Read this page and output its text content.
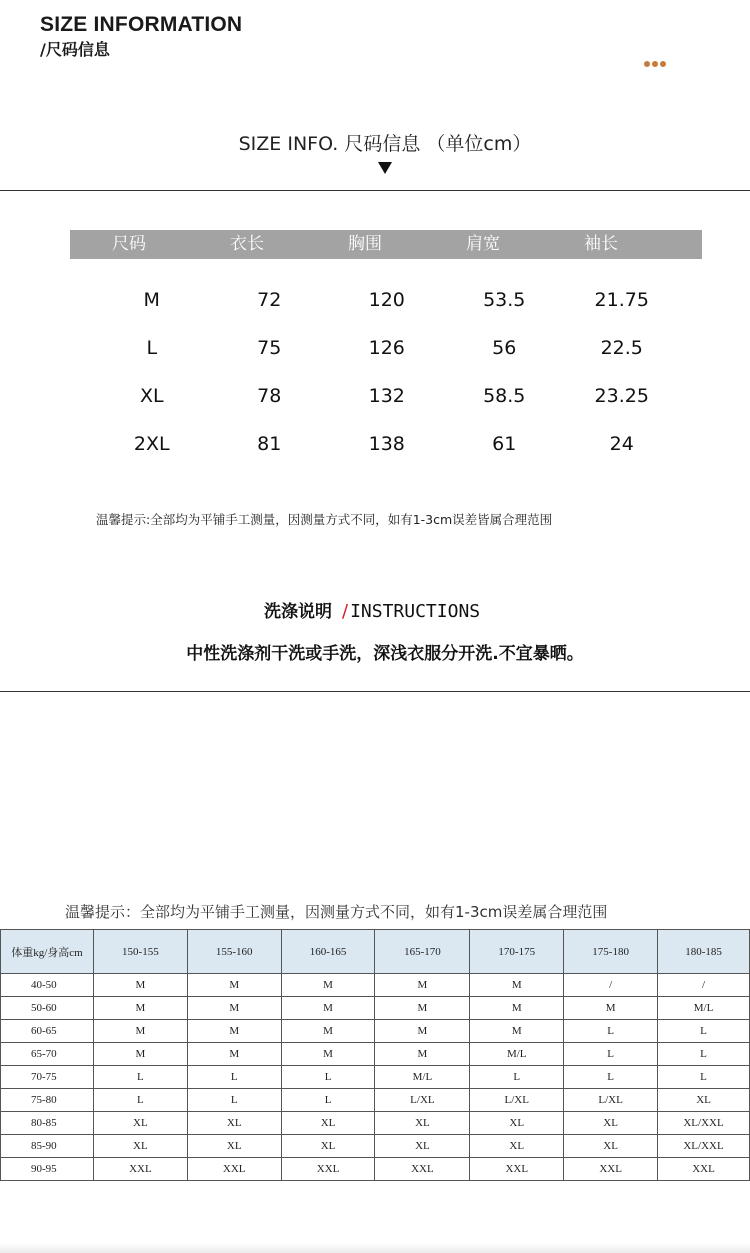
SIZE INFORMATION
/尺码信息
SIZE INFO. 尺码信息 （单位cm）
尺码	衣长	胸围	肩宽	袖长
M	72	120	53.5	21.75
L	75	126	56	22.5
XL	78	132	58.5	23.25
2XL	81	138	61	24
温馨提示:全部均为平铺手工测量，因测量方式不同，如有1-3cm误差皆属合理范围
洗涤说明 / INSTRUCTIONS
中性洗涤剂干洗或手洗，深浅衣服分开洗.不宜暴晒。
温馨提示：全部均为平铺手工测量，因测量方式不同，如有1-3cm误差属合理范围
体重kg/身高cm	150-155	155-160	160-165	165-170	170-175	175-180	180-185
40-50	M	M	M	M	M	/	/
50-60	M	M	M	M	M	M	M/L
60-65	M	M	M	M	M	L	L
65-70	M	M	M	M	M/L	L	L
70-75	L	L	L	M/L	L	L	L
75-80	L	L	L	L/XL	L/XL	L/XL	XL
80-85	XL	XL	XL	XL	XL	XL	XL/XXL
85-90	XL	XL	XL	XL	XL	XL	XL/XXL
90-95	XXL	XXL	XXL	XXL	XXL	XXL	XXL
